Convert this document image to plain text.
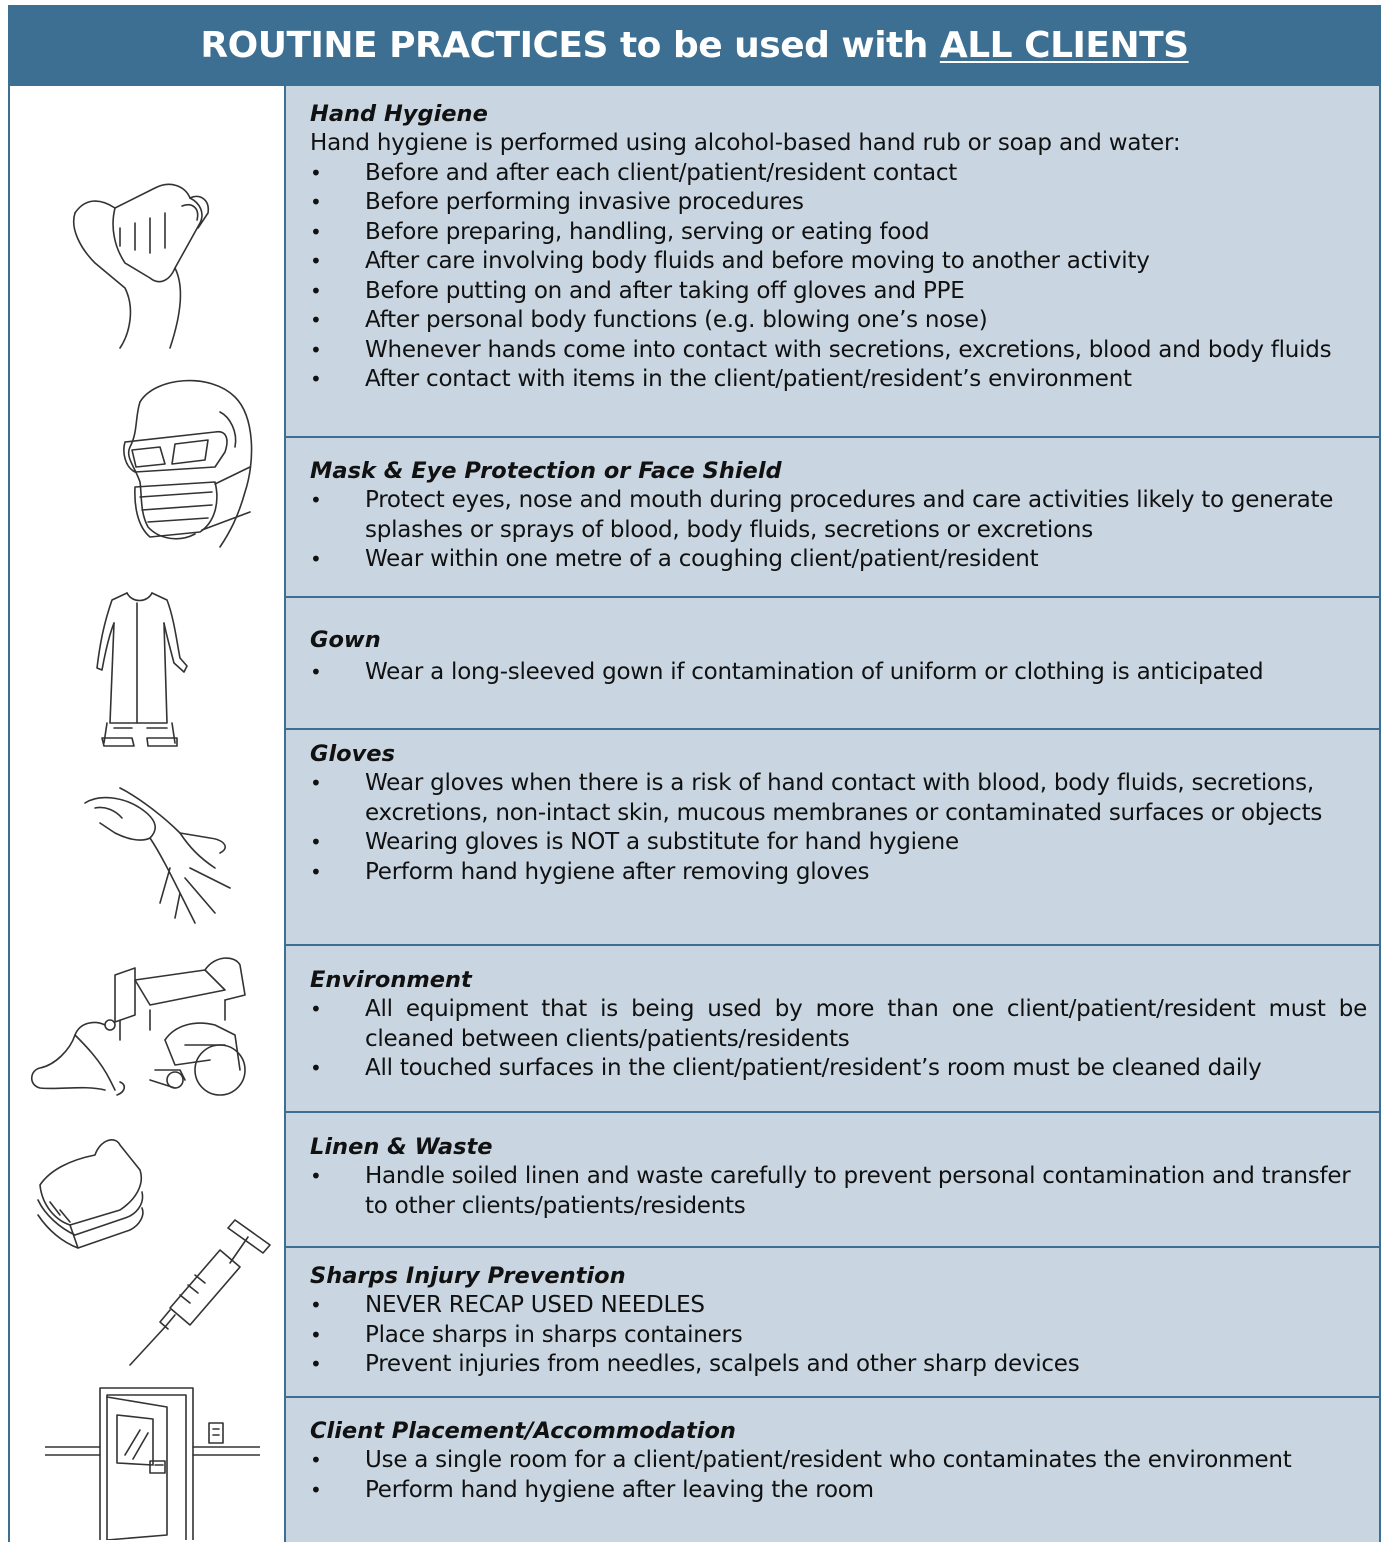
ROUTINE PRACTICES to be used with ALL CLIENTS

Hand Hygiene

Hand hygiene is performed using alcohol-based hand rub or soap and water:

• Before and after each client/patient/resident contact
• Before performing invasive procedures
• Before preparing, handling, serving or eating food
• After care involving body fluids and before moving to another activity
• Before putting on and after taking off gloves and PPE
• After personal body functions (e.g. blowing one’s nose)
• Whenever hands come into contact with secretions, excretions, blood and body fluids
• After contact with items in the client/patient/resident’s environment

Mask & Eye Protection or Face Shield

• Protect eyes, nose and mouth during procedures and care activities likely to generate splashes or sprays of blood, body fluids, secretions or excretions
• Wear within one metre of a coughing client/patient/resident

Gown

• Wear a long-sleeved gown if contamination of uniform or clothing is anticipated

Gloves

• Wear gloves when there is a risk of hand contact with blood, body fluids, secretions, excretions, non-intact skin, mucous membranes or contaminated surfaces or objects
• Wearing gloves is NOT a substitute for hand hygiene
• Perform hand hygiene after removing gloves

Environment

• All equipment that is being used by more than one client/patient/resident must be cleaned between clients/patients/residents
• All touched surfaces in the client/patient/resident’s room must be cleaned daily

Linen & Waste

• Handle soiled linen and waste carefully to prevent personal contamination and transfer to other clients/patients/residents

Sharps Injury Prevention

• NEVER RECAP USED NEEDLES
• Place sharps in sharps containers
• Prevent injuries from needles, scalpels and other sharp devices

Client Placement/Accommodation

• Use a single room for a client/patient/resident who contaminates the environment
• Perform hand hygiene after leaving the room
